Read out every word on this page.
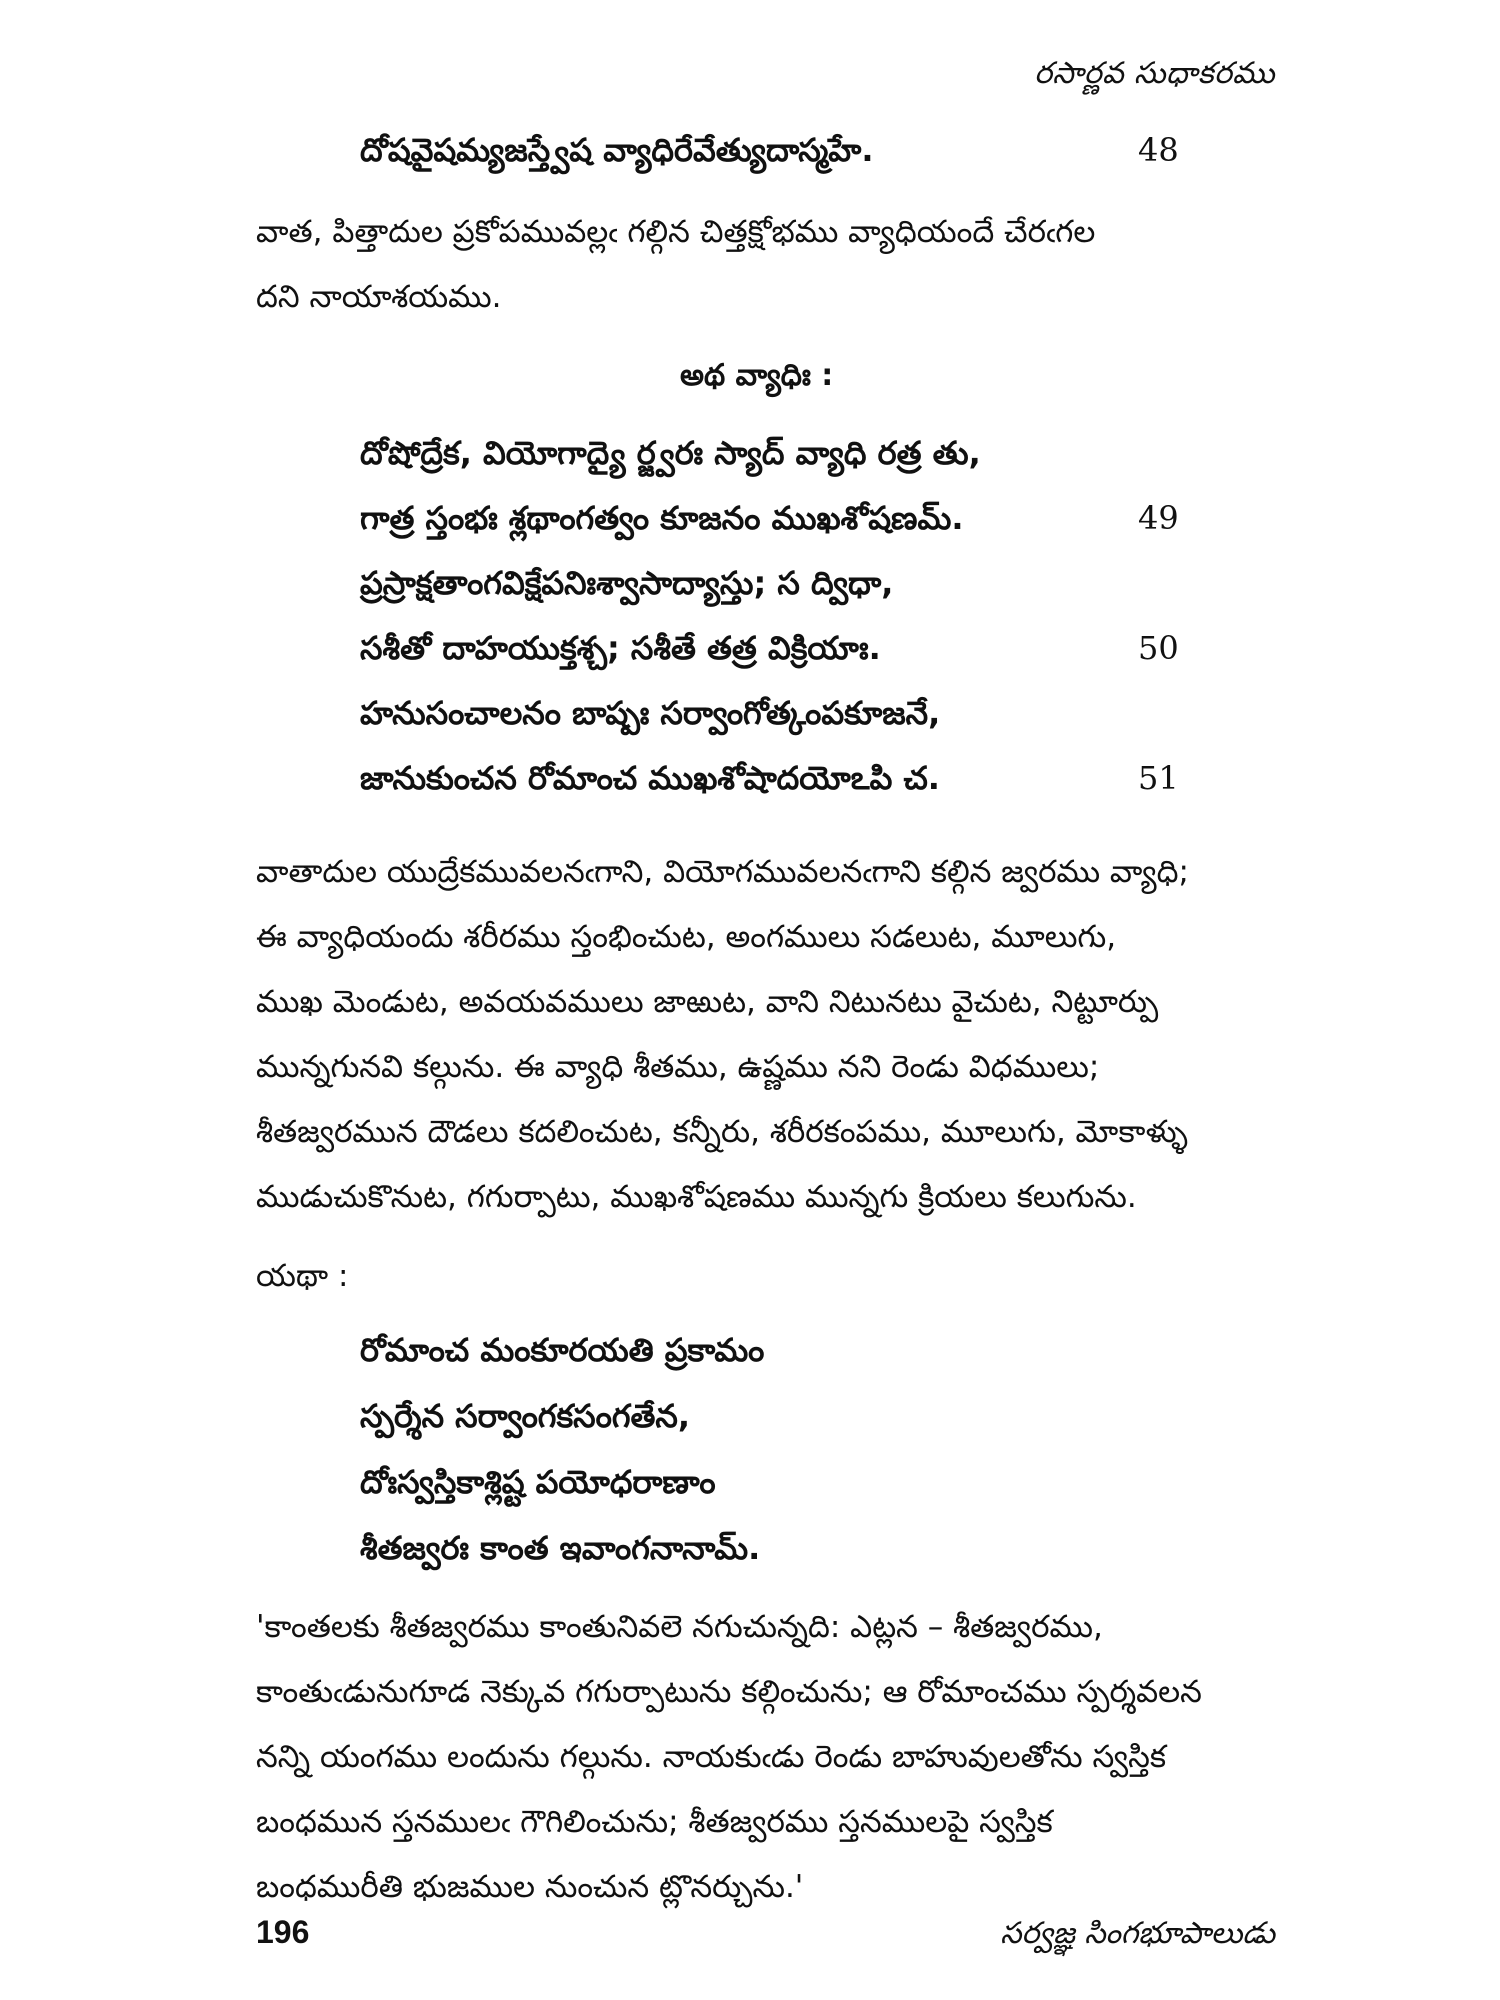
రసార్ణవ సుధాకరము
దోషవైషమ్యజస్త్వేష వ్యాధిరేవేత్యుదాస్మహే.	48
వాత, పిత్తాదుల ప్రకోపమువల్లఁ గల్గిన చిత్తక్షోభము వ్యాధియందే చేరఁగల
దని నాయాశయము.
అథ వ్యాధిః :
దోషోద్రేక, వియోగాద్యై ర్జ్వరః స్యాద్ వ్యాధి రత్ర తు,
గాత్ర స్తంభః శ్లథాంగత్వం కూజనం ముఖశోషణమ్.	49
ప్రస్రాక్షతాంగవిక్షేపనిఃశ్వాసాద్యాస్తు; స ద్విధా,
సశీతో దాహయుక్తశ్చ; సశీతే తత్ర విక్రియాః.	50
హనుసంచాలనం బాష్పః సర్వాంగోత్కంపకూజనే,
జానుకుంచన రోమాంచ ముఖశోషాదయోఽపి చ.	51
వాతాదుల యుద్రేకమువలనఁగాని, వియోగమువలనఁగాని కల్గిన జ్వరము వ్యాధి;
ఈ వ్యాధియందు శరీరము స్తంభించుట, అంగములు సడలుట, మూలుగు,
ముఖ మెండుట, అవయవములు జాఱుట, వాని నిటునటు వైచుట, నిట్టూర్పు
మున్నగునవి కల్గును. ఈ వ్యాధి శీతము, ఉష్ణము నని రెండు విధములు;
శీతజ్వరమున దౌడలు కదలించుట, కన్నీరు, శరీరకంపము, మూలుగు, మోకాళ్ళు
ముడుచుకొనుట, గగుర్పాటు, ముఖశోషణము మున్నగు క్రియలు కలుగును.
యథా :
రోమాంచ మంకూరయతి ప్రకామం
స్పర్శేన సర్వాంగకసంగతేన,
దోఃస్వస్తికాశ్లిష్ట పయోధరాణాం
శీతజ్వరః కాంత ఇవాంగనానామ్.
'కాంతలకు శీతజ్వరము కాంతునివలె నగుచున్నది: ఎట్లన – శీతజ్వరము,
కాంతుఁడునుగూడ నెక్కువ గగుర్పాటును కల్గించును; ఆ రోమాంచము స్పర్శవలన
నన్ని యంగము లందును గల్గును. నాయకుఁడు రెండు బాహువులతోను స్వస్తిక
బంధమున స్తనములఁ గౌగిలించును; శీతజ్వరము స్తనములపై స్వస్తిక
బంధమురీతి భుజముల నుంచున ట్లొనర్చును.'
196	సర్వజ్ఞ సింగభూపాలుడు
